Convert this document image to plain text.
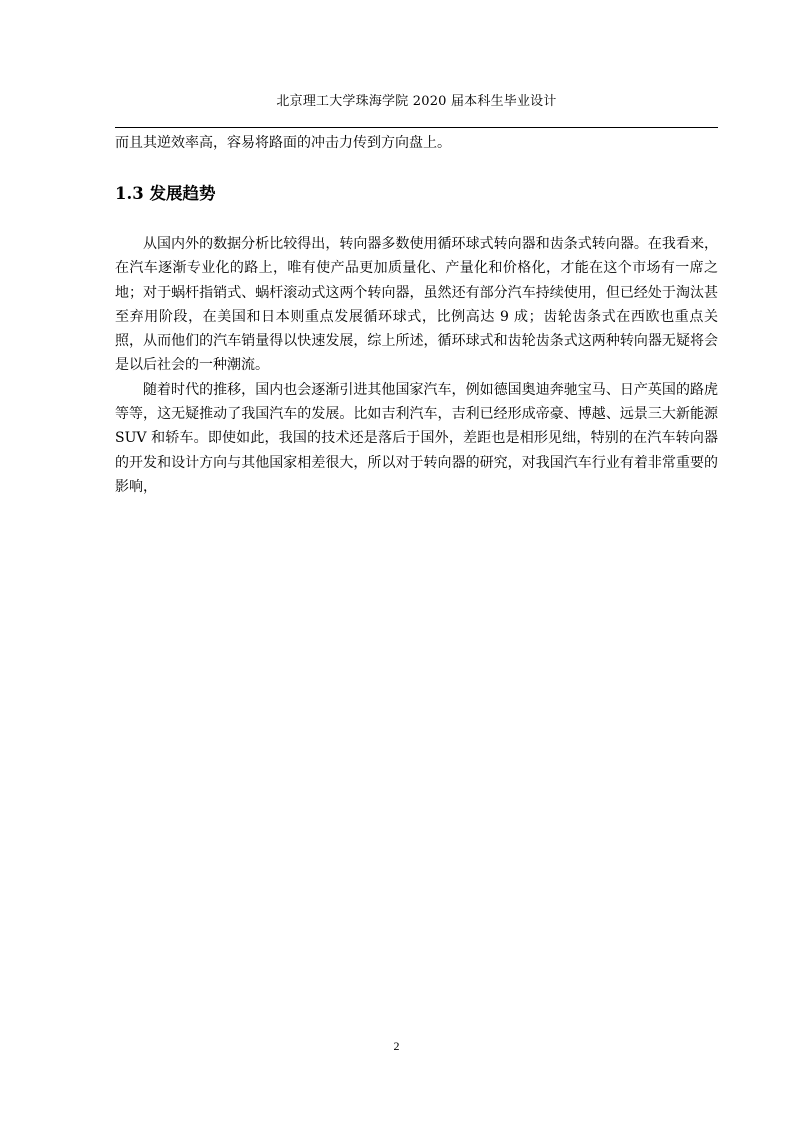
北京理工大学珠海学院 2020 届本科生毕业设计
而且其逆效率高，容易将路面的冲击力传到方向盘上。
1.3 发展趋势

从国内外的数据分析比较得出，转向器多数使用循环球式转向器和齿条式转向器。在我看来，在汽车逐渐专业化的路上，唯有使产品更加质量化、产量化和价格化，才能在这个市场有一席之地；对于蜗杆指销式、蜗杆滚动式这两个转向器，虽然还有部分汽车持续使用，但已经处于淘汰甚至弃用阶段，在美国和日本则重点发展循环球式，比例高达 9 成；齿轮齿条式在西欧也重点关照，从而他们的汽车销量得以快速发展，综上所述，循环球式和齿轮齿条式这两种转向器无疑将会是以后社会的一种潮流。

随着时代的推移，国内也会逐渐引进其他国家汽车，例如德国奥迪奔驰宝马、日产英国的路虎等等，这无疑推动了我国汽车的发展。比如吉利汽车，吉利已经形成帝豪、博越、远景三大新能源 SUV 和轿车。即使如此，我国的技术还是落后于国外，差距也是相形见绌，特别的在汽车转向器的开发和设计方向与其他国家相差很大，所以对于转向器的研究，对我国汽车行业有着非常重要的影响，

2
